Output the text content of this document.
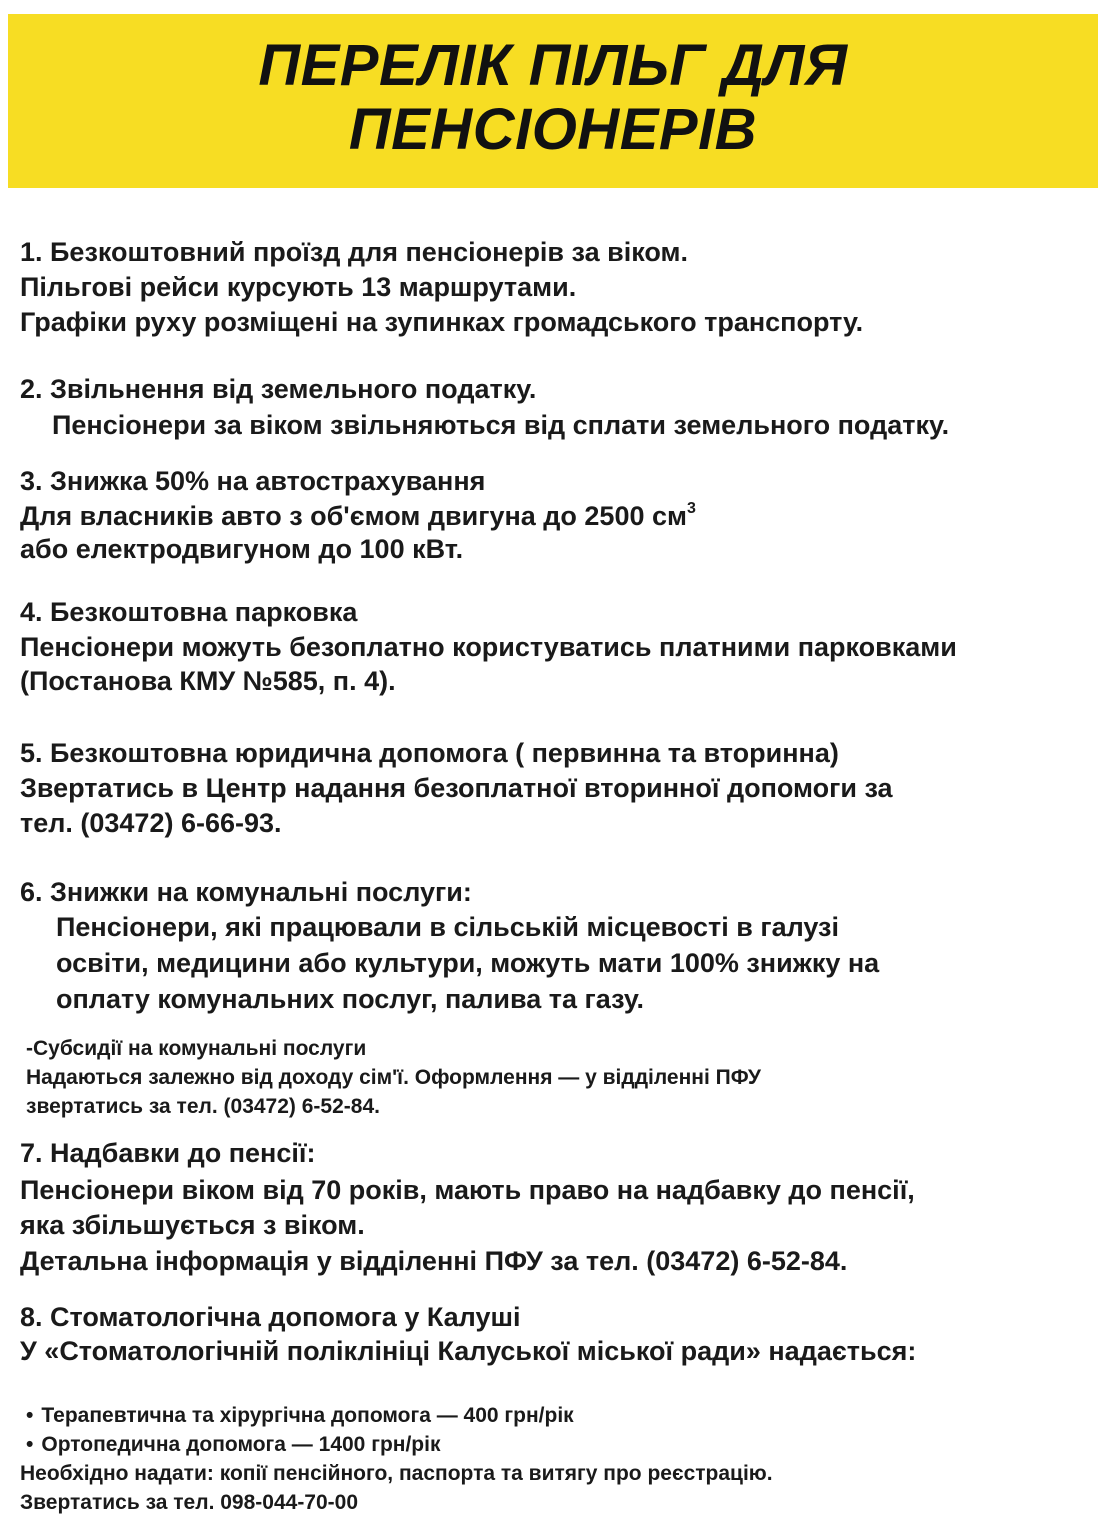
ПЕРЕЛІК ПІЛЬГ ДЛЯ
ПЕНСІОНЕРІВ
1. Безкоштовний проїзд для пенсіонерів за віком.
Пільгові рейси курсують 13 маршрутами.
Графіки руху розміщені на зупинках громадського транспорту.
2. Звільнення від земельного податку.
Пенсіонери за віком звільняються від сплати земельного податку.
3. Знижка 50% на автострахування
Для власників авто з об'ємом двигуна до 2500 $см^3$
або електродвигуном до 100 кВт.
4. Безкоштовна парковка
Пенсіонери можуть безоплатно користуватись платними парковками
(Постанова КМУ №585, п. 4).
5. Безкоштовна юридична допомога ( первинна та вторинна)
Звертатись в Центр надання безоплатної вторинної допомоги за
тел. (03472) 6-66-93.
6. Знижки на комунальні послуги:
Пенсіонери, які працювали в сільській місцевості в галузі
освіти, медицини або культури, можуть мати 100% знижку на
оплату комунальних послуг, палива та газу.
-Субсидії на комунальні послуги
Надаються залежно від доходу сім'ї. Оформлення — у відділенні ПФУ
звертатись за тел. (03472) 6-52-84.
7. Надбавки до пенсії:
Пенсіонери віком від 70 років, мають право на надбавку до пенсії,
яка збільшується з віком.
Детальна інформація у відділенні ПФУ за тел. (03472) 6-52-84.
8. Стоматологічна допомога у Калуші
У «Стоматологічній поліклініці Калуської міської ради» надається:
• Терапевтична та хірургічна допомога — 400 грн/рік
• Ортопедична допомога — 1400 грн/рік
Необхідно надати: копії пенсійного, паспорта та витягу про реєстрацію.
Звертатись за тел. 098-044-70-00
